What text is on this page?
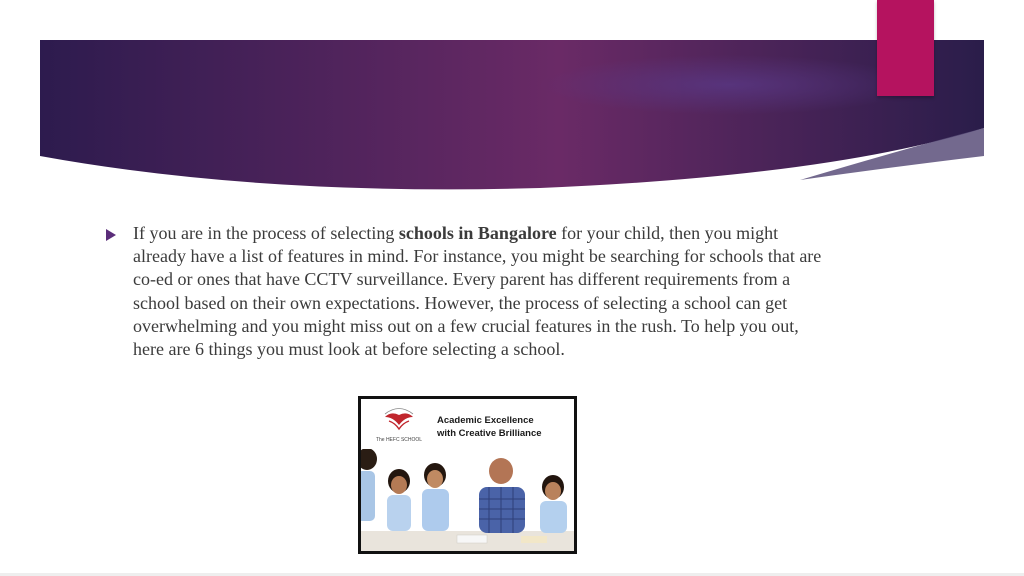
If you are in the process of selecting schools in Bangalore for your child, then you might already have a list of features in mind. For instance, you might be searching for schools that are co-ed or ones that have CCTV surveillance. Every parent has different requirements from a school based on their own expectations. However, the process of selecting a school can get overwhelming and you might miss out on a few crucial features in the rush. To help you out, here are 6 things you must look at before selecting a school.

The HEFC SCHOOL
Academic Excellence
with Creative Brilliance
